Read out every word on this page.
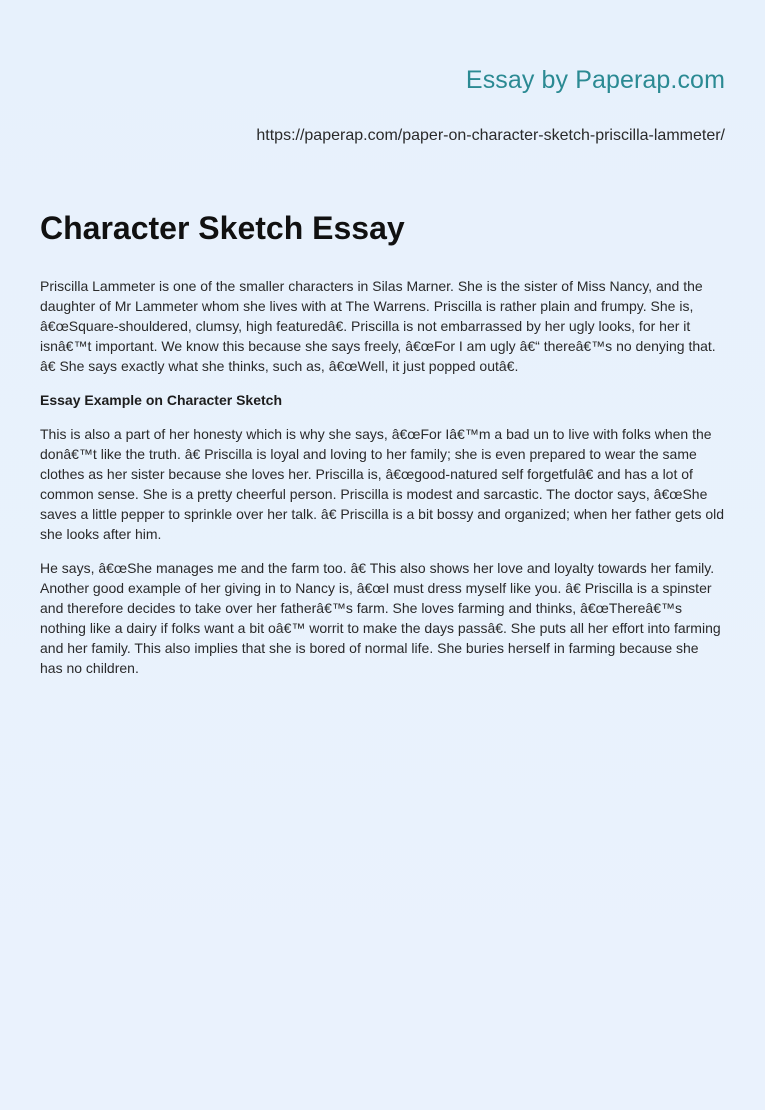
Essay by Paperap.com
https://paperap.com/paper-on-character-sketch-priscilla-lammeter/
Character Sketch Essay

Priscilla Lammeter is one of the smaller characters in Silas Marner. She is the sister of Miss Nancy, and the daughter of Mr Lammeter whom she lives with at The Warrens. Priscilla is rather plain and frumpy. She is, â€œSquare-shouldered, clumsy, high featuredâ€. Priscilla is not embarrassed by her ugly looks, for her it isnâ€™t important. We know this because she says freely, â€œFor I am ugly â€“ thereâ€™s no denying that. â€ She says exactly what she thinks, such as, â€œWell, it just popped outâ€.

Essay Example on Character Sketch

This is also a part of her honesty which is why she says, â€œFor Iâ€™m a bad un to live with folks when the donâ€™t like the truth. â€ Priscilla is loyal and loving to her family; she is even prepared to wear the same clothes as her sister because she loves her. Priscilla is, â€œgood-natured self forgetfulâ€ and has a lot of common sense. She is a pretty cheerful person. Priscilla is modest and sarcastic. The doctor says, â€œShe saves a little pepper to sprinkle over her talk. â€ Priscilla is a bit bossy and organized; when her father gets old she looks after him.

He says, â€œShe manages me and the farm too. â€ This also shows her love and loyalty towards her family. Another good example of her giving in to Nancy is, â€œI must dress myself like you. â€ Priscilla is a spinster and therefore decides to take over her fatherâ€™s farm. She loves farming and thinks, â€œThereâ€™s nothing like a dairy if folks want a bit oâ€™ worrit to make the days passâ€. She puts all her effort into farming and her family. This also implies that she is bored of normal life. She buries herself in farming because she has no children.
